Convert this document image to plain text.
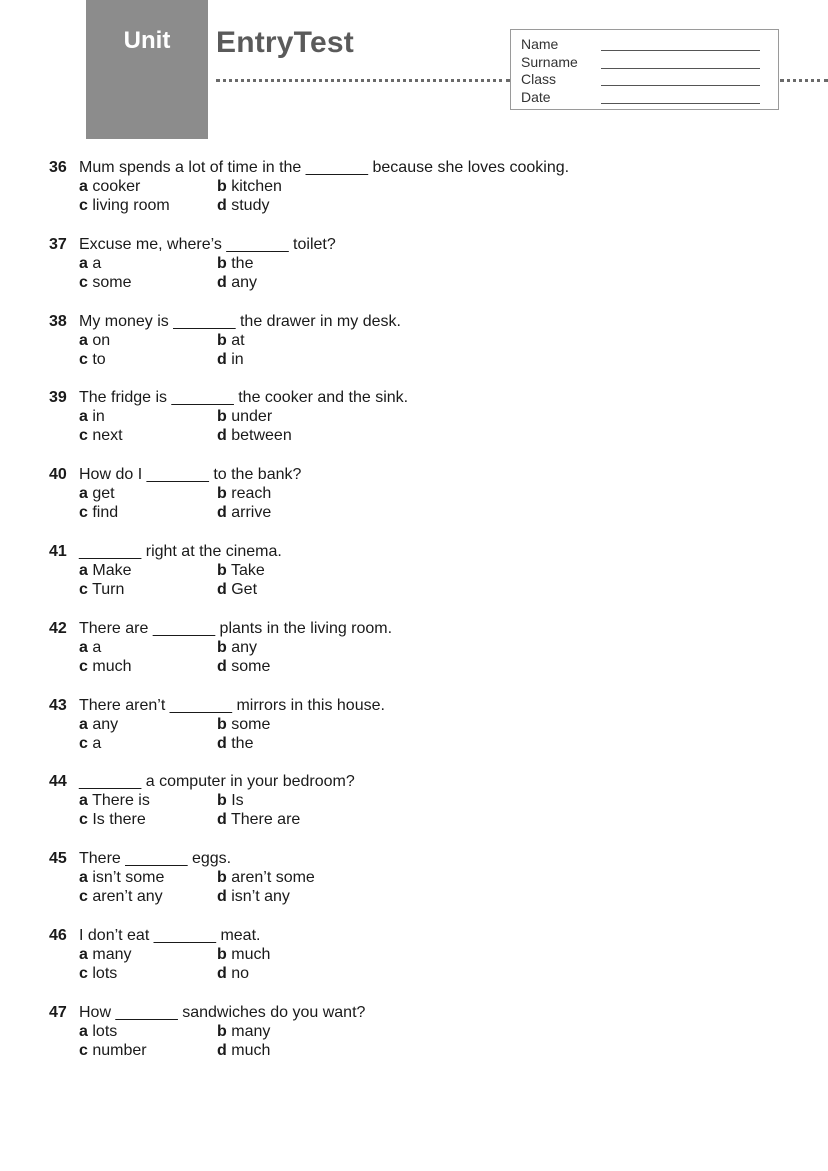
Unit	EntryTest	Name
Surname
Class
Date
36 Mum spends a lot of time in the _______ because she loves cooking.
a cooker	b kitchen
c living room	d study
37 Excuse me, where’s _______ toilet?
a a	b the
c some	d any
38 My money is _______ the drawer in my desk.
a on	b at
c to	d in
39 The fridge is _______ the cooker and the sink.
a in	b under
c next	d between
40 How do I _______ to the bank?
a get	b reach
c find	d arrive
41 _______ right at the cinema.
a Make	b Take
c Turn	d Get
42 There are _______ plants in the living room.
a a	b any
c much	d some
43 There aren’t _______ mirrors in this house.
a any	b some
c a	d the
44 _______ a computer in your bedroom?
a There is	b Is
c Is there	d There are
45 There _______ eggs.
a isn’t some	b aren’t some
c aren’t any	d isn’t any
46 I don’t eat _______ meat.
a many	b much
c lots	d no
47 How _______ sandwiches do you want?
a lots	b many
c number	d much
